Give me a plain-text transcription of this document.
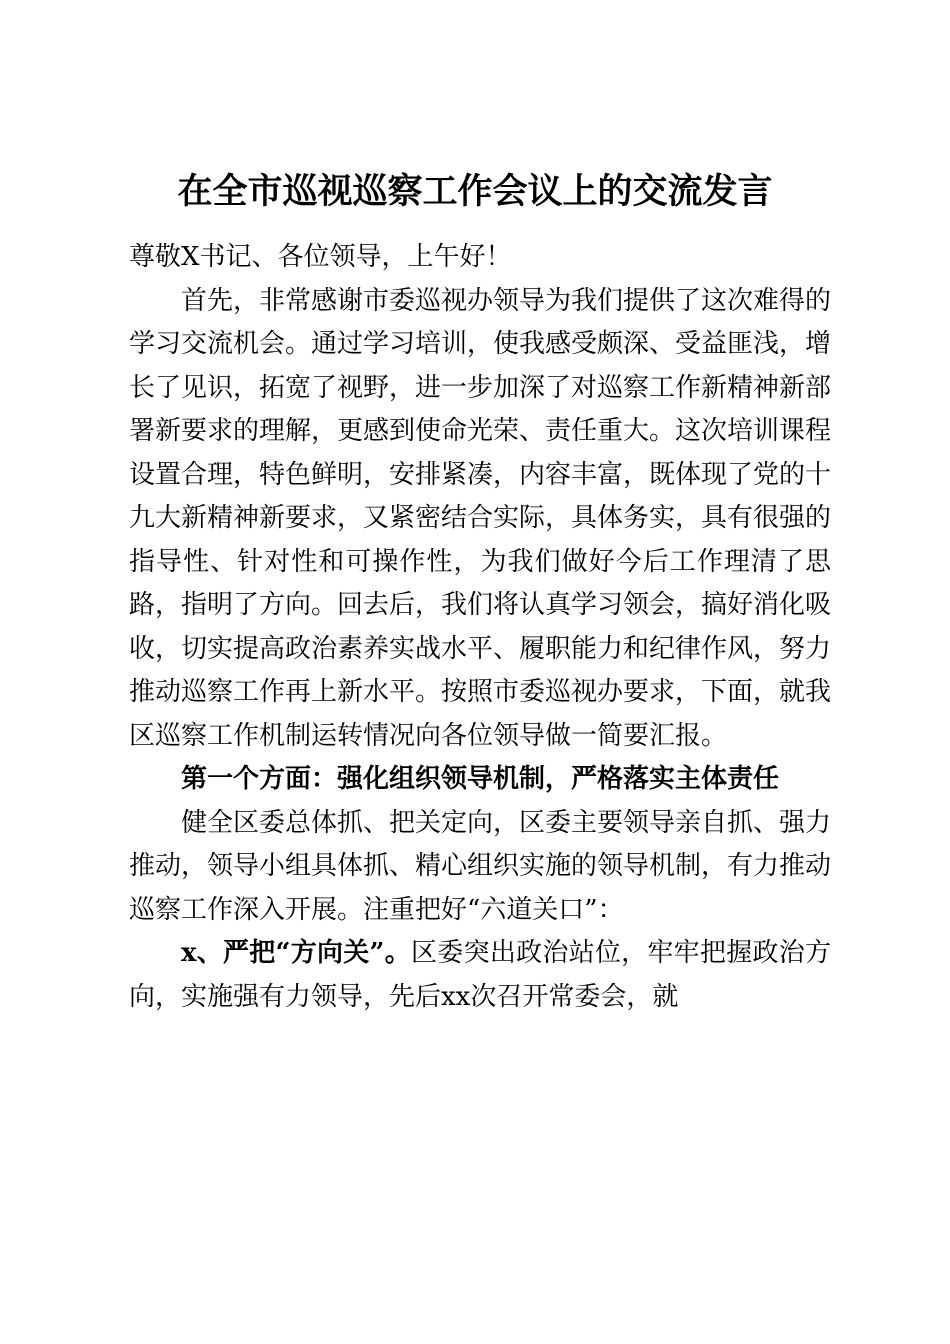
在全市巡视巡察工作会议上的交流发言

尊敬X书记、各位领导，上午好！

首先，非常感谢市委巡视办领导为我们提供了这次难得的学习交流机会。通过学习培训，使我感受颇深、受益匪浅，增长了见识，拓宽了视野，进一步加深了对巡察工作新精神新部署新要求的理解，更感到使命光荣、责任重大。这次培训课程设置合理，特色鲜明，安排紧凑，内容丰富，既体现了党的十九大新精神新要求，又紧密结合实际，具体务实，具有很强的指导性、针对性和可操作性，为我们做好今后工作理清了思路，指明了方向。回去后，我们将认真学习领会，搞好消化吸收，切实提高政治素养实战水平、履职能力和纪律作风，努力推动巡察工作再上新水平。按照市委巡视办要求，下面，就我区巡察工作机制运转情况向各位领导做一简要汇报。

第一个方面：强化组织领导机制，严格落实主体责任

健全区委总体抓、把关定向，区委主要领导亲自抓、强力推动，领导小组具体抓、精心组织实施的领导机制，有力推动巡察工作深入开展。注重把好“六道关口”：

x、严把“方向关”。区委突出政治站位，牢牢把握政治方向，实施强有力领导，先后xx次召开常委会，就
